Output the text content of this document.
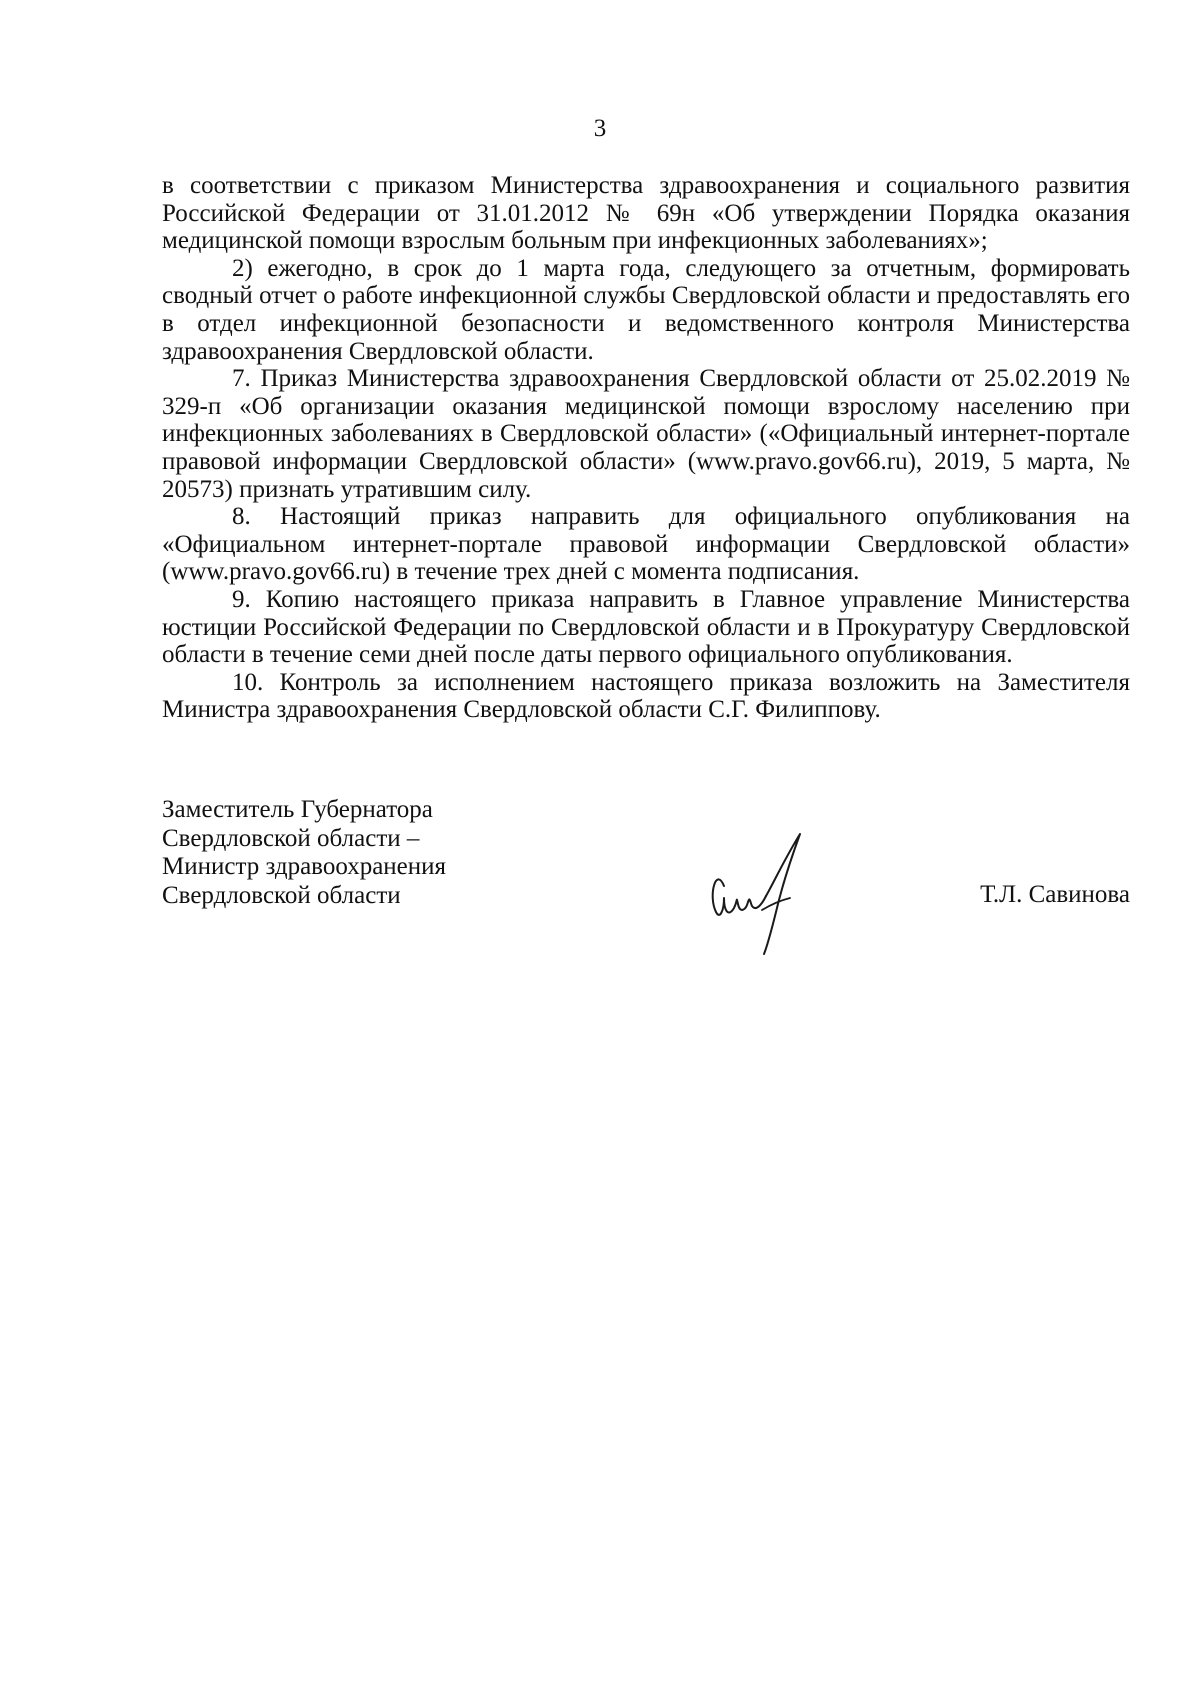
3

в соответствии с приказом Министерства здравоохранения и социального развития Российской Федерации от 31.01.2012 № 69н «Об утверждении Порядка оказания медицинской помощи взрослым больным при инфекционных заболеваниях»;

2) ежегодно, в срок до 1 марта года, следующего за отчетным, формировать сводный отчет о работе инфекционной службы Свердловской области и предоставлять его в отдел инфекционной безопасности и ведомственного контроля Министерства здравоохранения Свердловской области.

7. Приказ Министерства здравоохранения Свердловской области от 25.02.2019 № 329-п «Об организации оказания медицинской помощи взрослому населению при инфекционных заболеваниях в Свердловской области» («Официальный интернет-портале правовой информации Свердловской области» (www.pravo.gov66.ru), 2019, 5 марта, № 20573) признать утратившим силу.

8. Настоящий приказ направить для официального опубликования на «Официальном интернет-портале правовой информации Свердловской области» (www.pravo.gov66.ru) в течение трех дней с момента подписания.

9. Копию настоящего приказа направить в Главное управление Министерства юстиции Российской Федерации по Свердловской области и в Прокуратуру Свердловской области в течение семи дней после даты первого официального опубликования.

10. Контроль за исполнением настоящего приказа возложить на Заместителя Министра здравоохранения Свердловской области С.Г. Филиппову.

Заместитель Губернатора
Свердловской области –
Министр здравоохранения
Свердловской области	Т.Л. Савинова
